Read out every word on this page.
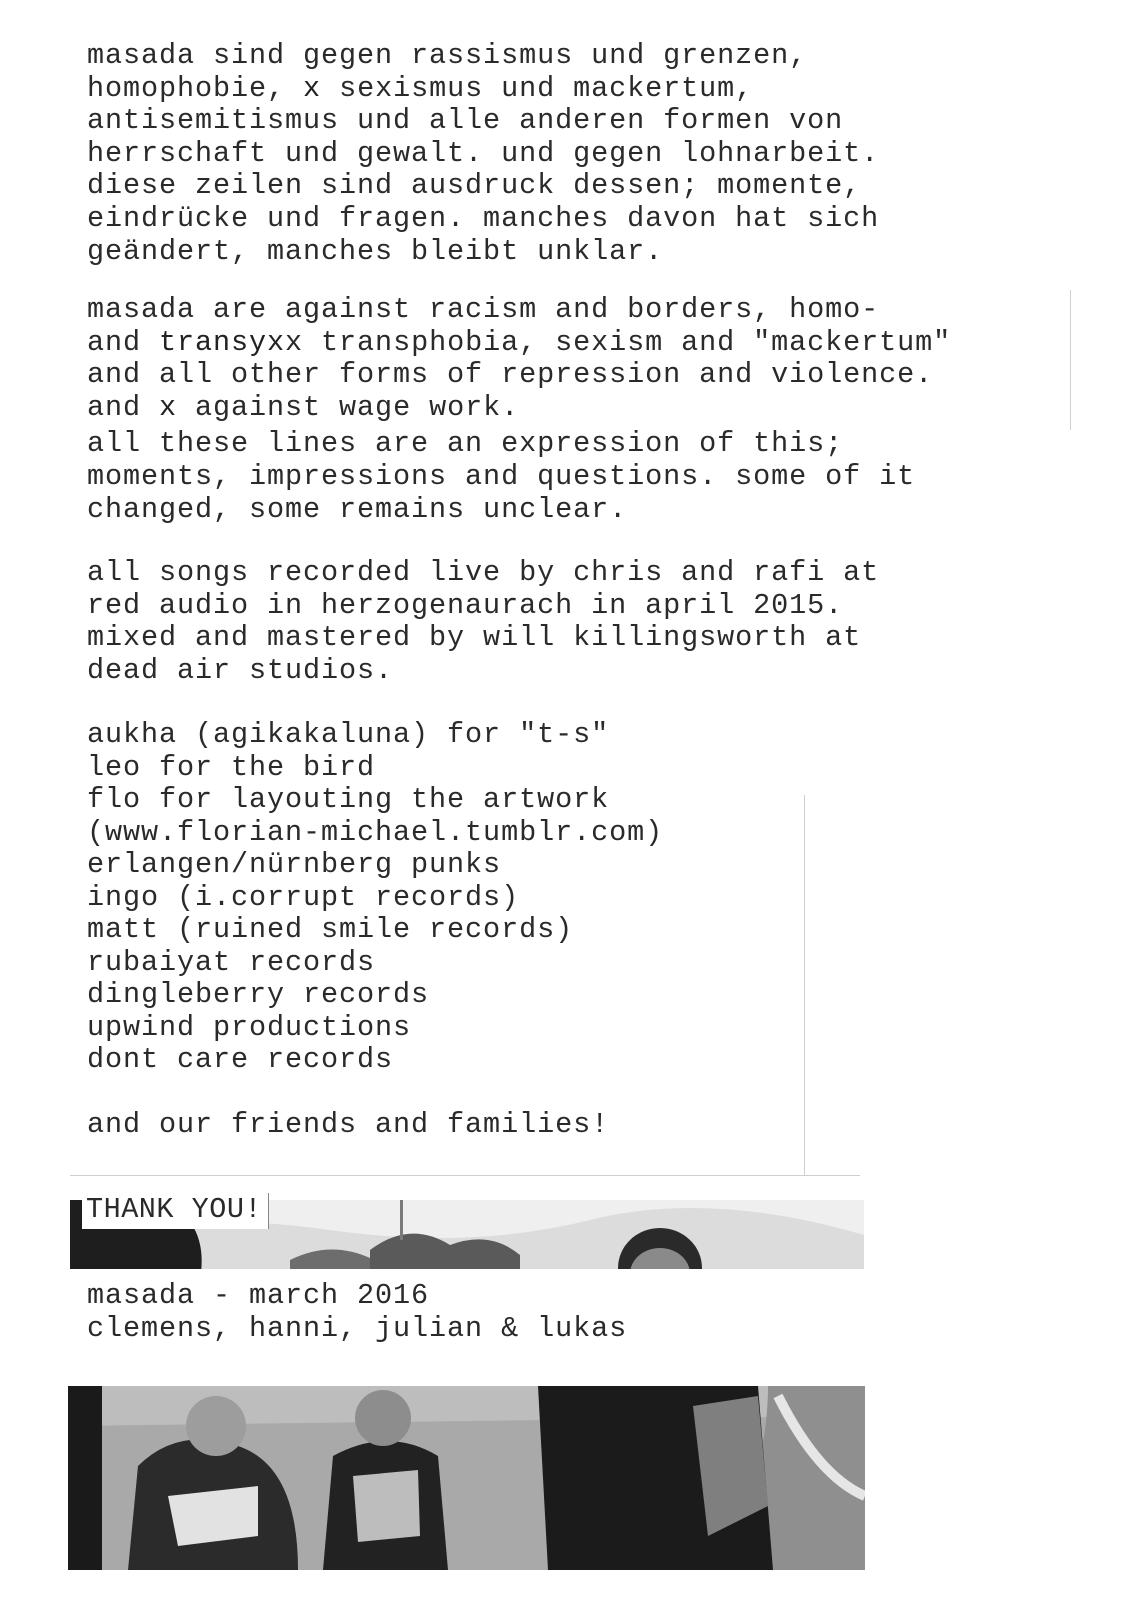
masada sind gegen rassismus und grenzen,
homophobie, x sexismus und mackertum,
antisemitismus und alle anderen formen von
herrschaft und gewalt. und gegen lohnarbeit.
diese zeilen sind ausdruck dessen; momente,
eindrücke und fragen. manches davon hat sich
geändert, manches bleibt unklar.
masada are against racism and borders, homo-
and transyxx transphobia, sexism and "mackertum"
and all other forms of repression and violence.
and x against wage work.
all these lines are an expression of this;
moments, impressions and questions. some of it
changed, some remains unclear.
all songs recorded live by chris and rafi at
red audio in herzogenaurach in april 2015.
mixed and mastered by will killingsworth at
dead air studios.
aukha (agikakaluna) for "t-s"
leo for the bird
flo for layouting the artwork
(www.florian-michael.tumblr.com)
erlangen/nürnberg punks
ingo (i.corrupt records)
matt (ruined smile records)
rubaiyat records
dingleberry records
upwind productions
dont care records
and our friends and families!
THANK YOU!
masada - march 2016
clemens, hanni, julian & lukas
